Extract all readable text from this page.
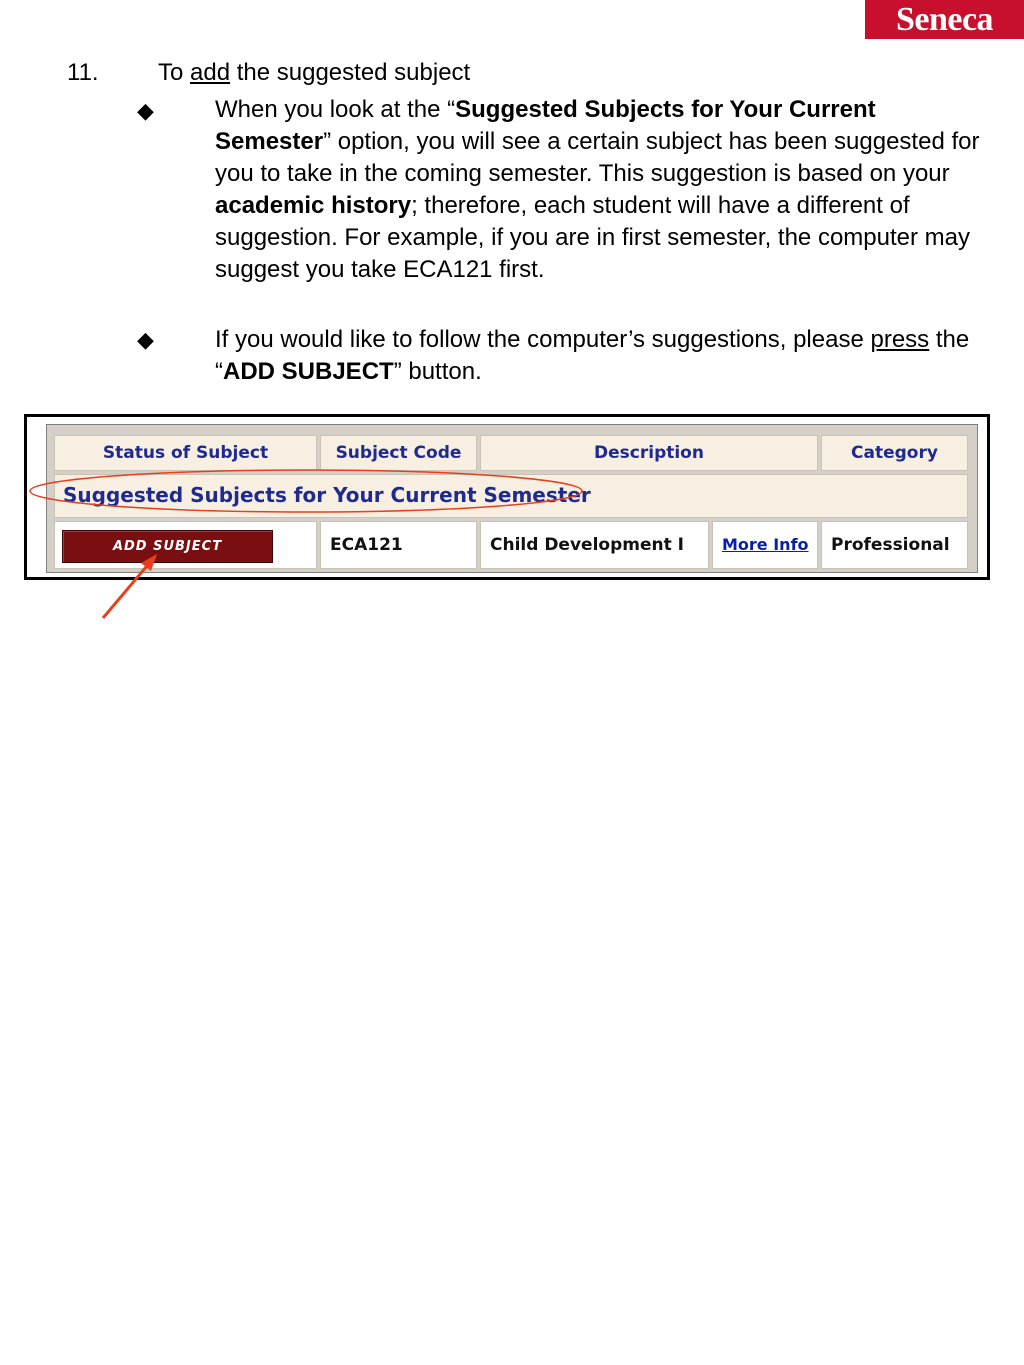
Seneca
11.	To add the suggested subject
◆	When you look at the “Suggested Subjects for Your Current Semester” option, you will see a certain subject has been suggested for you to take in the coming semester. This suggestion is based on your academic history; therefore, each student will have a different of suggestion. For example, if you are in first semester, the computer may suggest you take ECA121 first.
◆	If you would like to follow the computer’s suggestions, please press the “ADD SUBJECT” button.
Status of Subject	Subject Code	Description	Category
Suggested Subjects for Your Current Semester
ADD SUBJECT	ECA121	Child Development I	More Info	Professional
